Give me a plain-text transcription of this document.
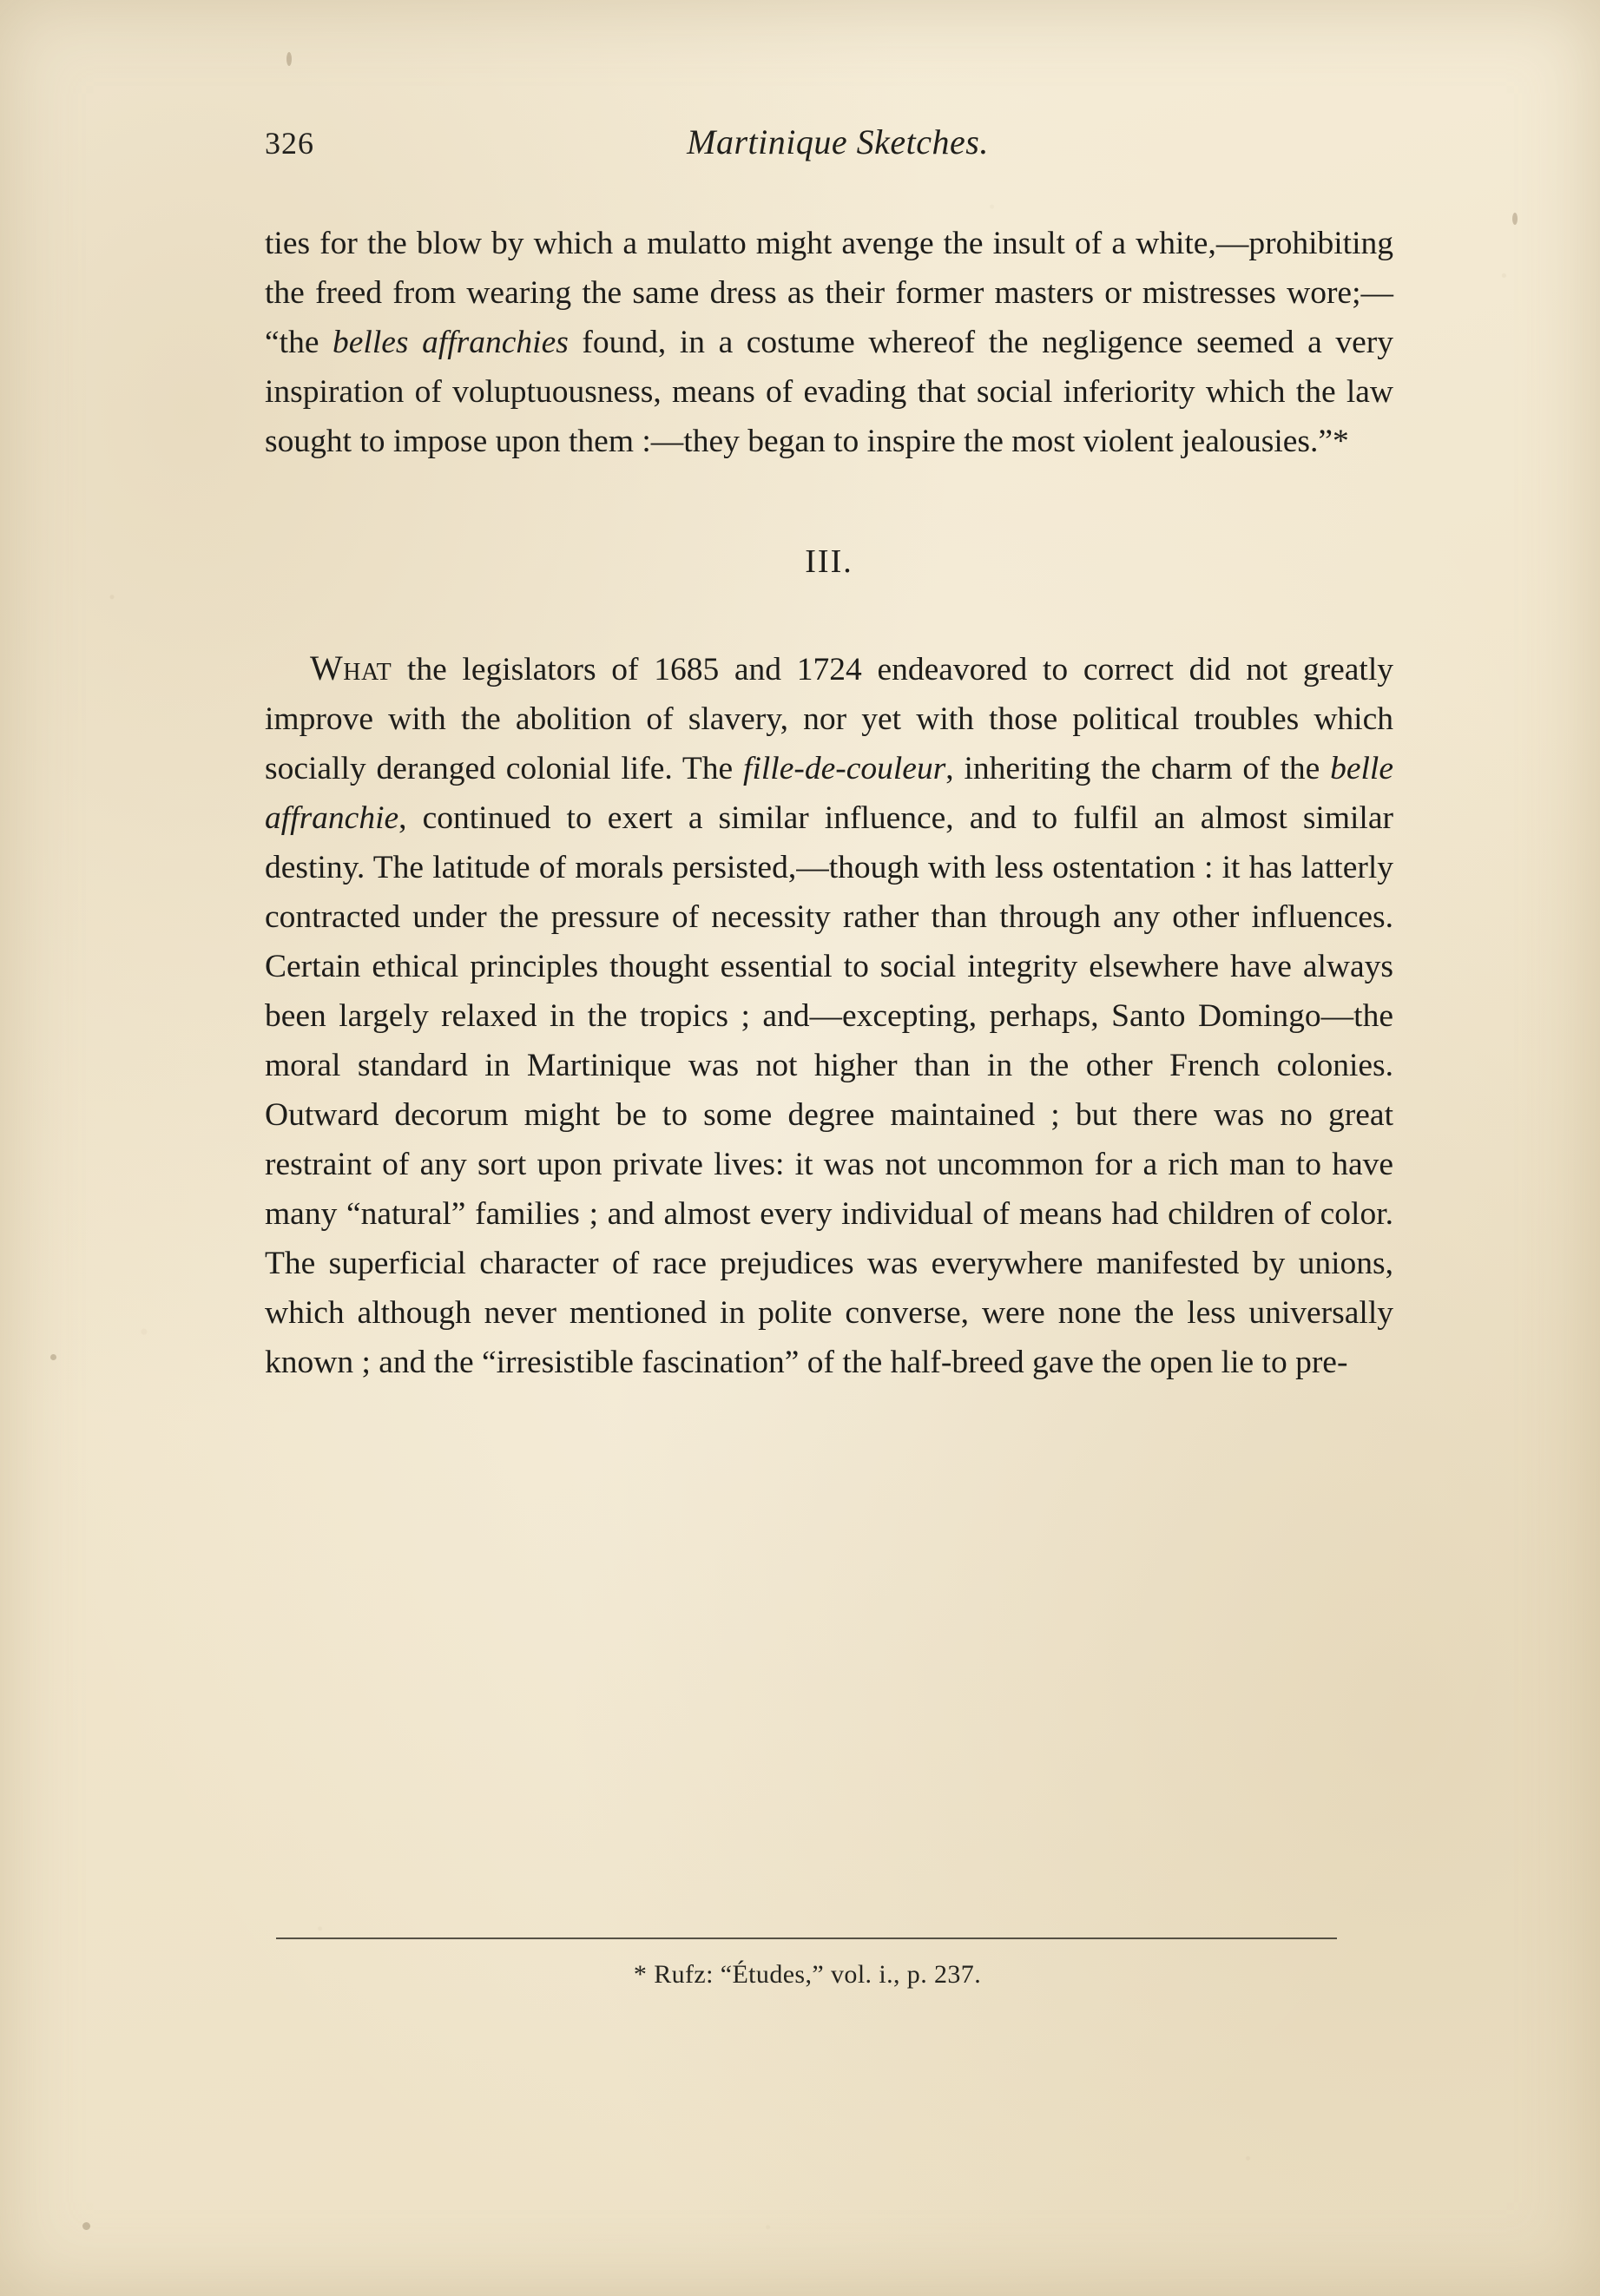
326	Martinique Sketches.

ties for the blow by which a mulatto might avenge the insult of a white,—prohibiting the freed from wearing the same dress as their former masters or mistresses wore;— “the belles affranchies found, in a costume whereof the negligence seemed a very inspiration of voluptuousness, means of evading that social inferiority which the law sought to impose upon them :—they began to inspire the most violent jealousies.”*

III.

What the legislators of 1685 and 1724 endeavored to correct did not greatly improve with the abolition of slavery, nor yet with those political troubles which socially deranged colonial life. The fille-de-couleur, inheriting the charm of the belle affranchie, continued to exert a similar influence, and to fulfil an almost similar destiny. The latitude of morals persisted,—though with less ostentation : it has latterly contracted under the pressure of necessity rather than through any other influences. Certain ethical principles thought essential to social integrity elsewhere have always been largely relaxed in the tropics ; and—excepting, perhaps, Santo Domingo—the moral standard in Martinique was not higher than in the other French colonies. Outward decorum might be to some degree maintained ; but there was no great restraint of any sort upon private lives: it was not uncommon for a rich man to have many “natural” families ; and almost every individual of means had children of color. The superficial character of race prejudices was everywhere manifested by unions, which although never mentioned in polite converse, were none the less universally known ; and the “irresistible fascination” of the half-breed gave the open lie to pre-

* Rufz: “Études,” vol. i., p. 237.
